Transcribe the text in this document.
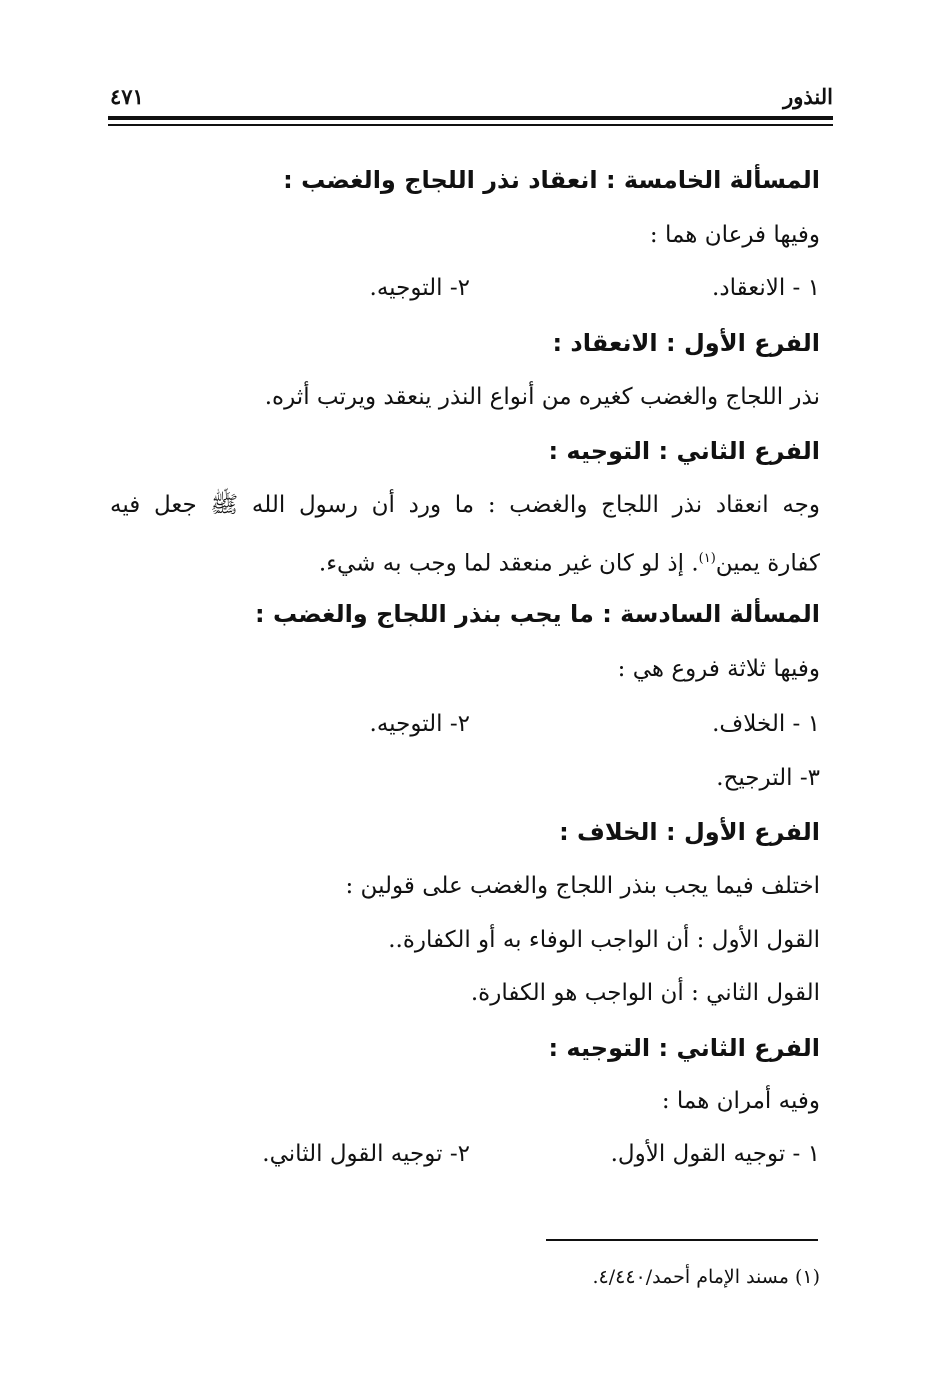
النذور
٤٧١
المسألة الخامسة : انعقاد نذر اللجاج والغضب :
وفيها فرعان هما :
١ - الانعقاد.
٢- التوجيه.
الفرع الأول : الانعقاد :
نذر اللجاج والغضب كغيره من أنواع النذر ينعقد ويرتب أثره.
الفرع الثاني : التوجيه :
وجه انعقاد نذر اللجاج والغضب : ما ورد أن رسول الله ﷺ جعل فيه
كفارة يمين$^{(١)}$. إذ لو كان غير منعقد لما وجب به شيء.
المسألة السادسة : ما يجب بنذر اللجاج والغضب :
وفيها ثلاثة فروع هي :
١ - الخلاف.
٢- التوجيه.
٣- الترجيح.
الفرع الأول : الخلاف :
اختلف فيما يجب بنذر اللجاج والغضب على قولين :
القول الأول : أن الواجب الوفاء به أو الكفارة..
القول الثاني : أن الواجب هو الكفارة.
الفرع الثاني : التوجيه :
وفيه أمران هما :
١ - توجيه القول الأول.
٢- توجيه القول الثاني.
(١) مسند الإمام أحمد/٤/٤٤٠.
